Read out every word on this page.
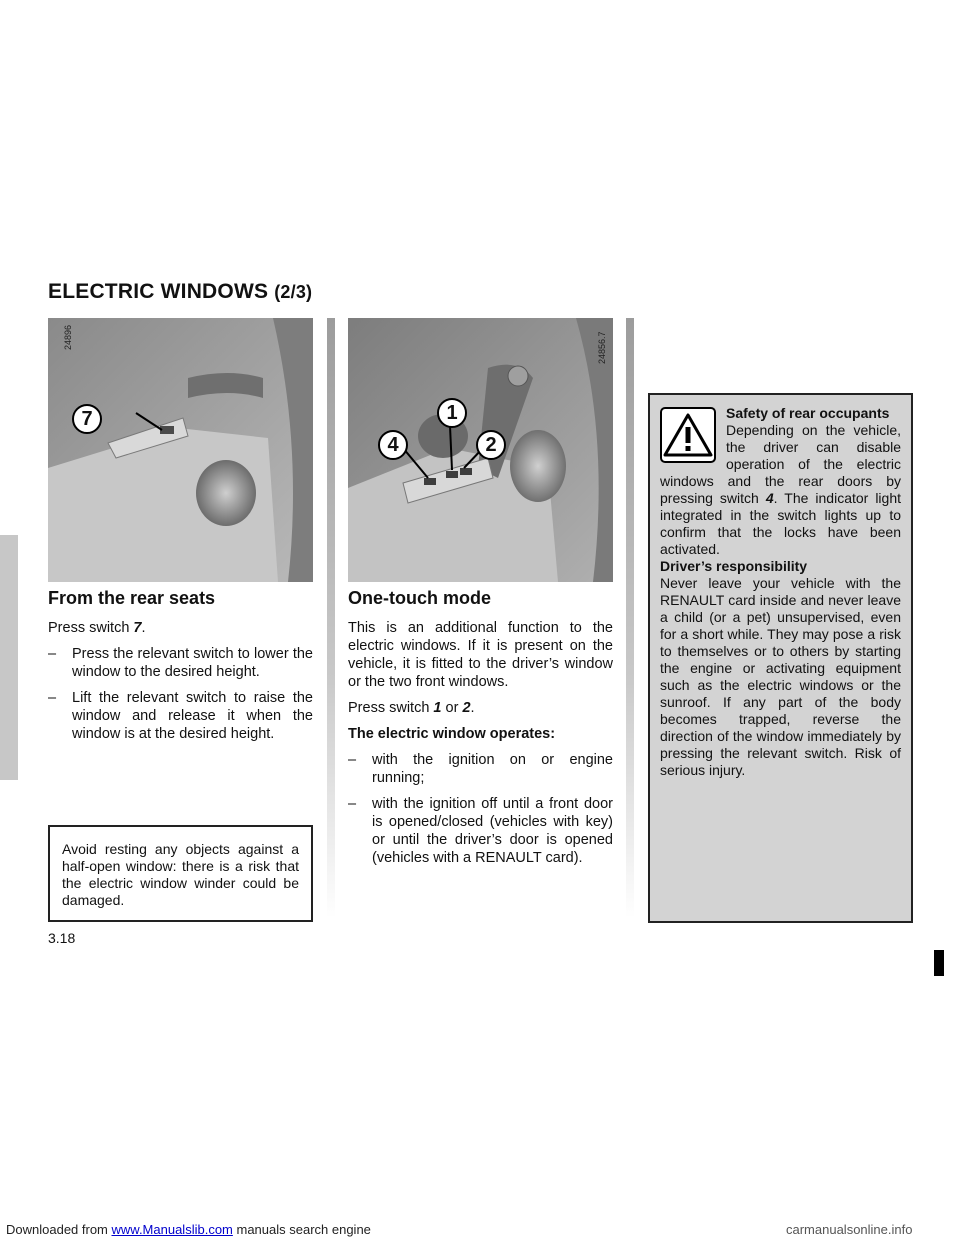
ELECTRIC WINDOWS (2/3)
7
24896
1
4	2
24856.7
From the rear seats

Press switch 7.

–	Press the relevant switch to lower the window to the desired height.
–	Lift the relevant switch to raise the window and release it when the window is at the desired height.
Avoid resting any objects against a half-open window: there is a risk that the electric window winder could be damaged.
One-touch mode

This is an additional function to the electric windows. If it is present on the vehicle, it is fitted to the driver’s window or the two front windows.

Press switch 1 or 2.

The electric window operates:

–	with the ignition on or engine running;
–	with the ignition off until a front door is opened/closed (vehicles with key) or until the driver’s door is opened (vehicles with a RENAULT card).
Safety of rear occupants
Depending on the vehicle, the driver can disable operation of the electric windows and the rear doors by pressing switch 4. The indicator light integrated in the switch lights up to confirm that the locks have been activated.
Driver’s responsibility
Never leave your vehicle with the RENAULT card inside and never leave a child (or a pet) unsupervised, even for a short while. They may pose a risk to themselves or to others by starting the engine or activating equipment such as the electric windows or the sunroof. If any part of the body becomes trapped, reverse the direction of the window immediately by pressing the relevant switch. Risk of serious injury.
3.18
Downloaded from www.Manualslib.com manuals search engine	carmanualsonline.info
